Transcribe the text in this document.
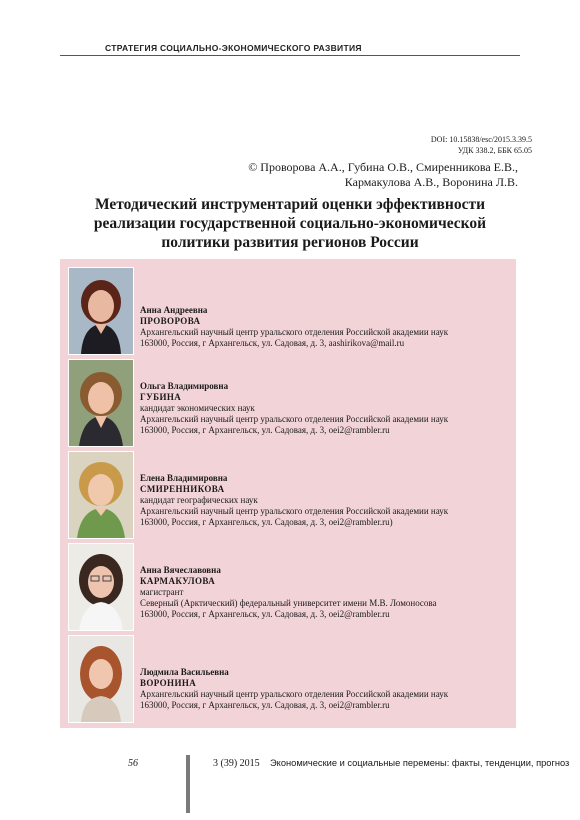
СТРАТЕГИЯ СОЦИАЛЬНО-ЭКОНОМИЧЕСКОГО РАЗВИТИЯ
DOI: 10.15838/esc/2015.3.39.5
УДК 338.2, ББК 65.05
© Проворова А.А., Губина О.В., Смиренникова Е.В.,
Кармакулова А.В., Воронина Л.В.
Методический инструментарий оценки эффективности
реализации государственной социально-экономической
политики развития регионов России
Анна Андреевна
ПРОВОРОВА
Архангельский научный центр уральского отделения Российской академии наук
163000, Россия, г Архангельск, ул. Садовая, д. 3, aashirikova@mail.ru
Ольга Владимировна
ГУБИНА
кандидат экономических наук
Архангельский научный центр уральского отделения Российской академии наук
163000, Россия, г Архангельск, ул. Садовая, д. 3, oei2@rambler.ru
Елена Владимировна
СМИРЕННИКОВА
кандидат географических наук
Архангельский научный центр уральского отделения Российской академии наук
163000, Россия, г Архангельск, ул. Садовая, д. 3, oei2@rambler.ru)
Анна Вячеславовна
КАРМАКУЛОВА
магистрант
Северный (Арктический) федеральный университет имени М.В. Ломоносова
163000, Россия, г Архангельск, ул. Садовая, д. 3, oei2@rambler.ru
Людмила Васильевна
ВОРОНИНА
Архангельский научный центр уральского отделения Российской академии наук
163000, Россия, г Архангельск, ул. Садовая, д. 3, oei2@rambler.ru
56	3 (39) 2015 Экономические и социальные перемены: факты, тенденции, прогноз
